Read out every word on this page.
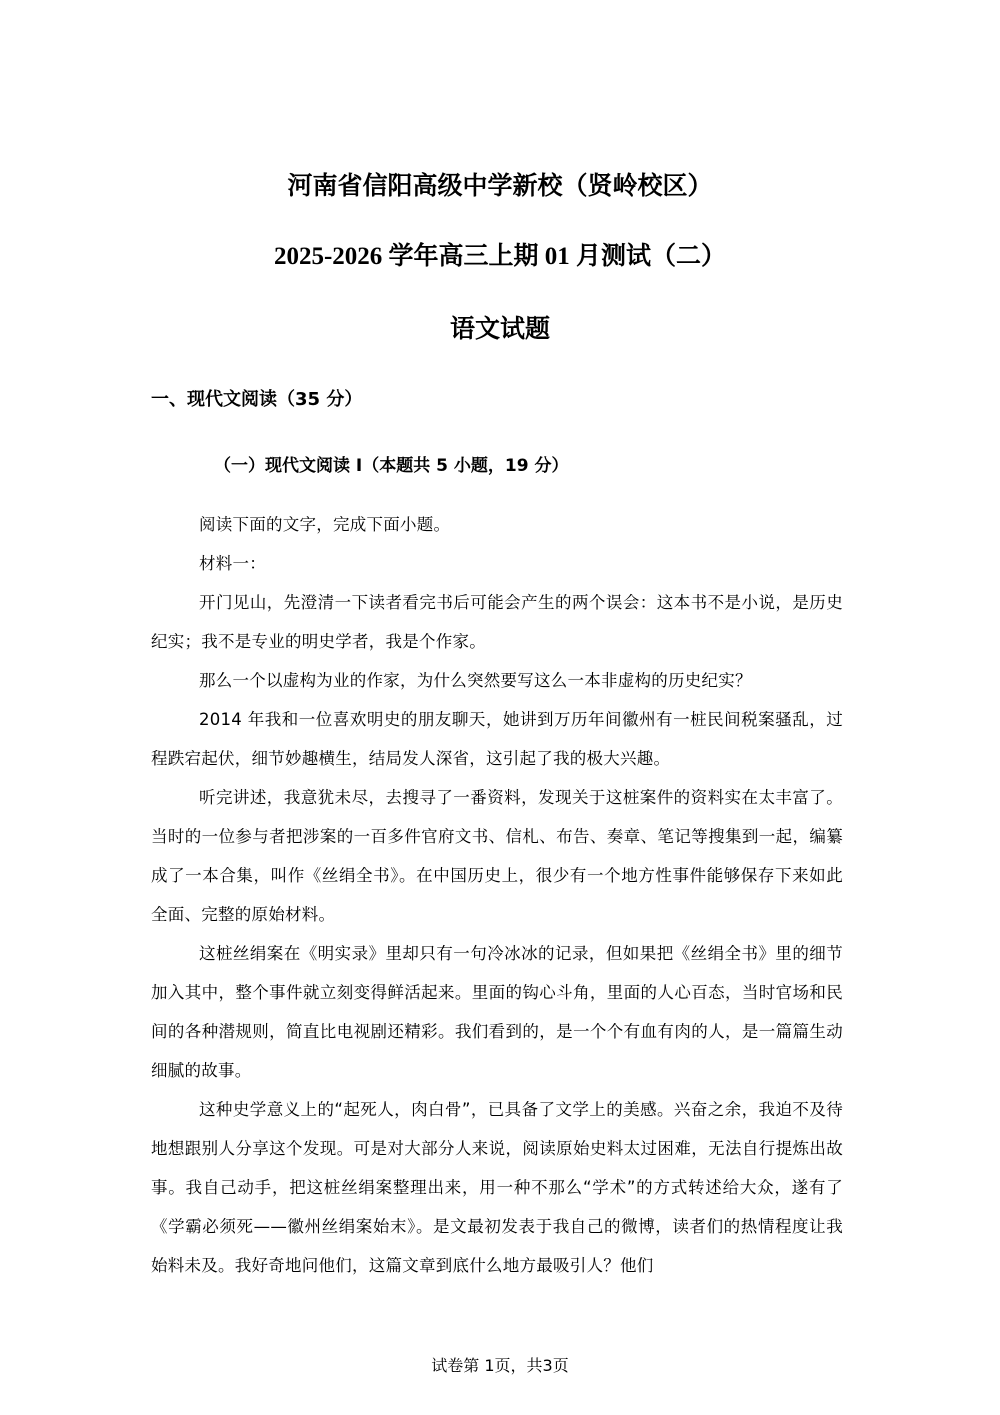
河南省信阳高级中学新校（贤岭校区）
2025-2026 学年高三上期 01 月测试（二）
语文试题
一、现代文阅读（35 分）
（一）现代文阅读 I（本题共 5 小题，19 分）

阅读下面的文字，完成下面小题。

材料一：

开门见山，先澄清一下读者看完书后可能会产生的两个误会：这本书不是小说，是历史纪实；我不是专业的明史学者，我是个作家。

那么一个以虚构为业的作家，为什么突然要写这么一本非虚构的历史纪实？

2014 年我和一位喜欢明史的朋友聊天，她讲到万历年间徽州有一桩民间税案骚乱，过程跌宕起伏，细节妙趣横生，结局发人深省，这引起了我的极大兴趣。

听完讲述，我意犹未尽，去搜寻了一番资料，发现关于这桩案件的资料实在太丰富了。当时的一位参与者把涉案的一百多件官府文书、信札、布告、奏章、笔记等搜集到一起，编纂成了一本合集，叫作《丝绢全书》。在中国历史上，很少有一个地方性事件能够保存下来如此全面、完整的原始材料。

这桩丝绢案在《明实录》里却只有一句冷冰冰的记录，但如果把《丝绢全书》里的细节加入其中，整个事件就立刻变得鲜活起来。里面的钩心斗角，里面的人心百态，当时官场和民间的各种潜规则，简直比电视剧还精彩。我们看到的，是一个个有血有肉的人，是一篇篇生动细腻的故事。

这种史学意义上的“起死人，肉白骨”，已具备了文学上的美感。兴奋之余，我迫不及待地想跟别人分享这个发现。可是对大部分人来说，阅读原始史料太过困难，无法自行提炼出故事。我自己动手，把这桩丝绢案整理出来，用一种不那么“学术”的方式转述给大众，遂有了《学霸必须死——徽州丝绢案始末》。是文最初发表于我自己的微博，读者们的热情程度让我始料未及。我好奇地问他们，这篇文章到底什么地方最吸引人？他们

试卷第 1页，共3页
